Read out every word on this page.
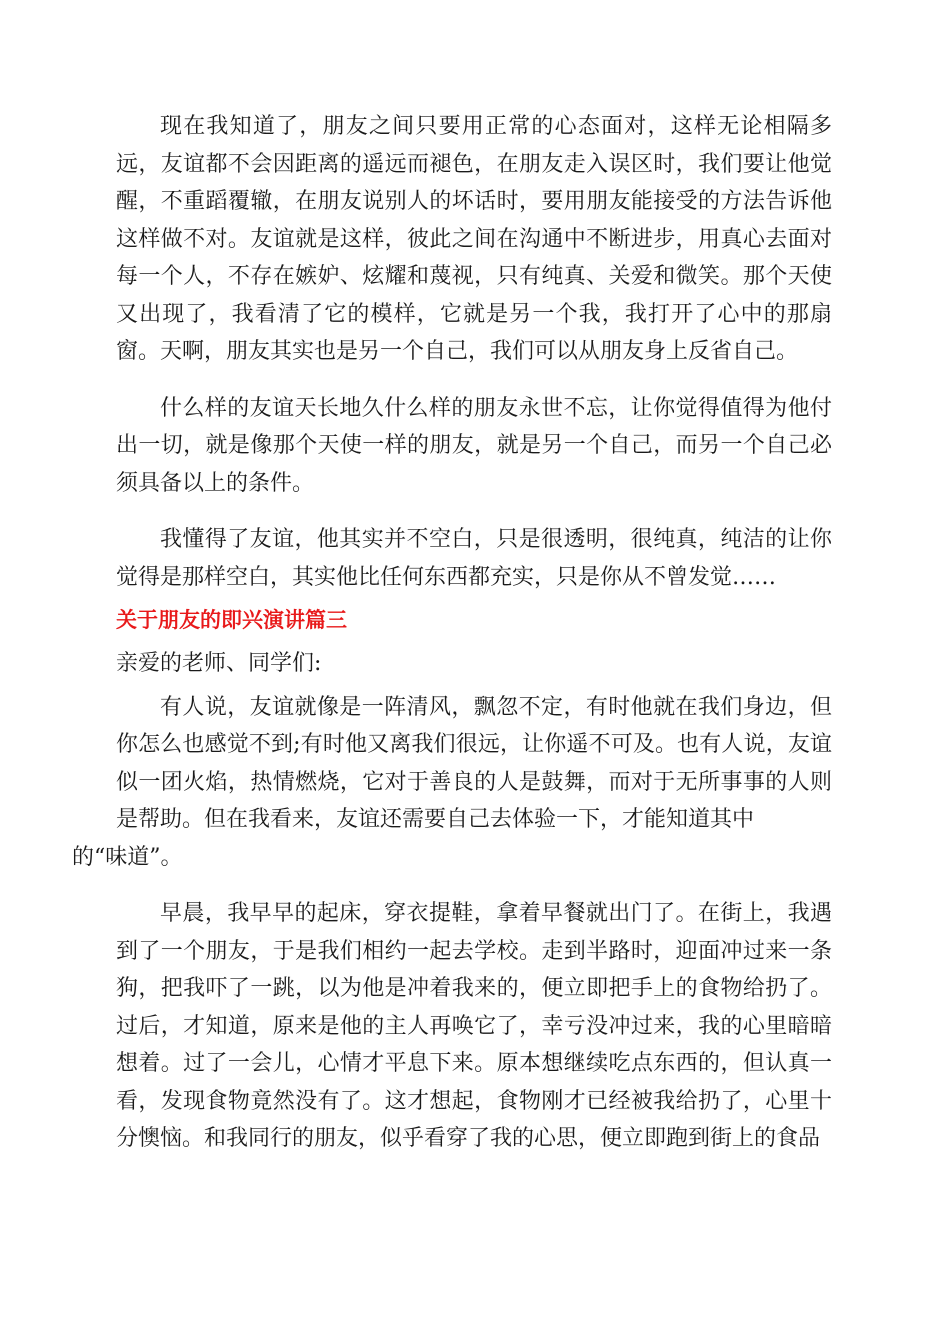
现在我知道了，朋友之间只要用正常的心态面对，这样无论相隔多远，友谊都不会因距离的遥远而褪色，在朋友走入误区时，我们要让他觉醒，不重蹈覆辙，在朋友说别人的坏话时，要用朋友能接受的方法告诉他这样做不对。友谊就是这样，彼此之间在沟通中不断进步，用真心去面对每一个人，不存在嫉妒、炫耀和蔑视，只有纯真、关爱和微笑。那个天使又出现了，我看清了它的模样，它就是另一个我，我打开了心中的那扇窗。天啊，朋友其实也是另一个自己，我们可以从朋友身上反省自己。

什么样的友谊天长地久什么样的朋友永世不忘，让你觉得值得为他付出一切，就是像那个天使一样的朋友，就是另一个自己，而另一个自己必须具备以上的条件。

我懂得了友谊，他其实并不空白，只是很透明，很纯真，纯洁的让你觉得是那样空白，其实他比任何东西都充实，只是你从不曾发觉……

关于朋友的即兴演讲篇三

亲爱的老师、同学们:

有人说，友谊就像是一阵清风，飘忽不定，有时他就在我们身边，但你怎么也感觉不到;有时他又离我们很远，让你遥不可及。也有人说，友谊似一团火焰，热情燃烧，它对于善良的人是鼓舞，而对于无所事事的人则是帮助。但在我看来，友谊还需要自己去体验一下，才能知道其中
的“味道”。

早晨，我早早的起床，穿衣提鞋，拿着早餐就出门了。在街上，我遇到了一个朋友，于是我们相约一起去学校。走到半路时，迎面冲过来一条狗，把我吓了一跳，以为他是冲着我来的，便立即把手上的食物给扔了。过后，才知道，原来是他的主人再唤它了，幸亏没冲过来，我的心里暗暗想着。过了一会儿，心情才平息下来。原本想继续吃点东西的，但认真一看，发现食物竟然没有了。这才想起，食物刚才已经被我给扔了，心里十分懊恼。和我同行的朋友，似乎看穿了我的心思，便立即跑到街上的食品
